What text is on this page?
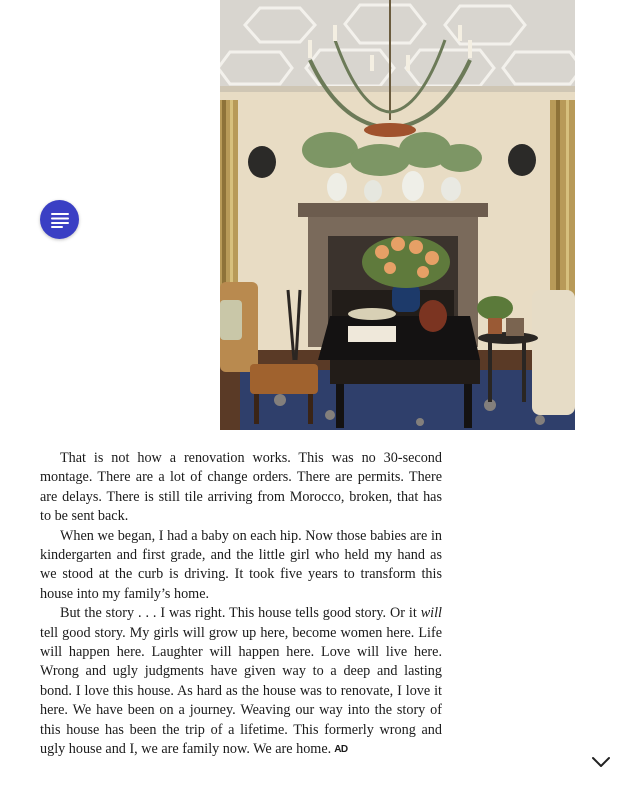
That is not how a renovation works. This was no 30-second montage. There are a lot of change orders. There are permits. There are delays. There is still tile arriving from Morocco, broken, that has to be sent back.

When we began, I had a baby on each hip. Now those babies are in kindergarten and first grade, and the little girl who held my hand as we stood at the curb is driving. It took five years to transform this house into my family’s home.

But the story . . . I was right. This house tells good story. Or it will tell good story. My girls will grow up here, become women here. Life will happen here. Laughter will happen here. Love will live here. Wrong and ugly judgments have given way to a deep and lasting bond. I love this house. As hard as the house was to renovate, I love it here. We have been on a journey. Weaving our way into the story of this house has been the trip of a lifetime. This formerly wrong and ugly house and I, we are family now. We are home. AD
